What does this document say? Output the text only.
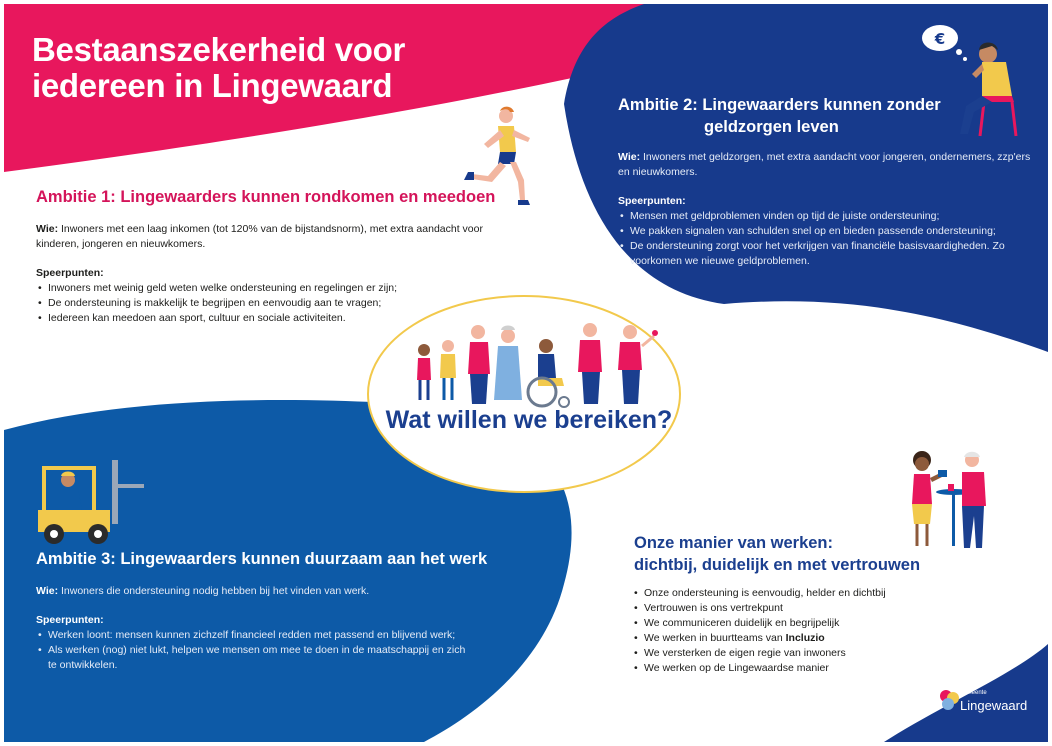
Bestaanszekerheid voor
iedereen in Lingewaard
Ambitie 1: Lingewaarders kunnen rondkomen en meedoen

Wie: Inwoners met een laag inkomen (tot 120% van de bijstandsnorm), met extra aandacht voor kinderen, jongeren en nieuwkomers.

Speerpunten:

• Inwoners met weinig geld weten welke ondersteuning en regelingen er zijn;
• De ondersteuning is makkelijk te begrijpen en eenvoudig aan te vragen;
• Iedereen kan meedoen aan sport, cultuur en sociale activiteiten.
Ambitie 2: Lingewaarders kunnen zonder
geldzorgen leven

Wie: Inwoners met geldzorgen, met extra aandacht voor jongeren, ondernemers, zzp'ers en nieuwkomers.

Speerpunten:

• Mensen met geldproblemen vinden op tijd de juiste ondersteuning;
• We pakken signalen van schulden snel op en bieden passende ondersteuning;
• De ondersteuning zorgt voor het verkrijgen van financiële basisvaardigheden. Zo voorkomen we nieuwe geldproblemen.
Ambitie 3: Lingewaarders kunnen duurzaam aan het werk

Wie: Inwoners die ondersteuning nodig hebben bij het vinden van werk.

Speerpunten:

• Werken loont: mensen kunnen zichzelf financieel redden met passend en blijvend werk;
• Als werken (nog) niet lukt, helpen we mensen om mee te doen in de maatschappij en zich te ontwikkelen.
Onze manier van werken:
dichtbij, duidelijk en met vertrouwen
• Onze ondersteuning is eenvoudig, helder en dichtbij
• Vertrouwen is ons vertrekpunt
• We communiceren duidelijk en begrijpelijk
• We werken in buurtteams van Incluzio
• We versterken de eigen regie van inwoners
• We werken op de Lingewaardse manier

Wat willen we bereiken?

€
gemeente
Lingewaard
